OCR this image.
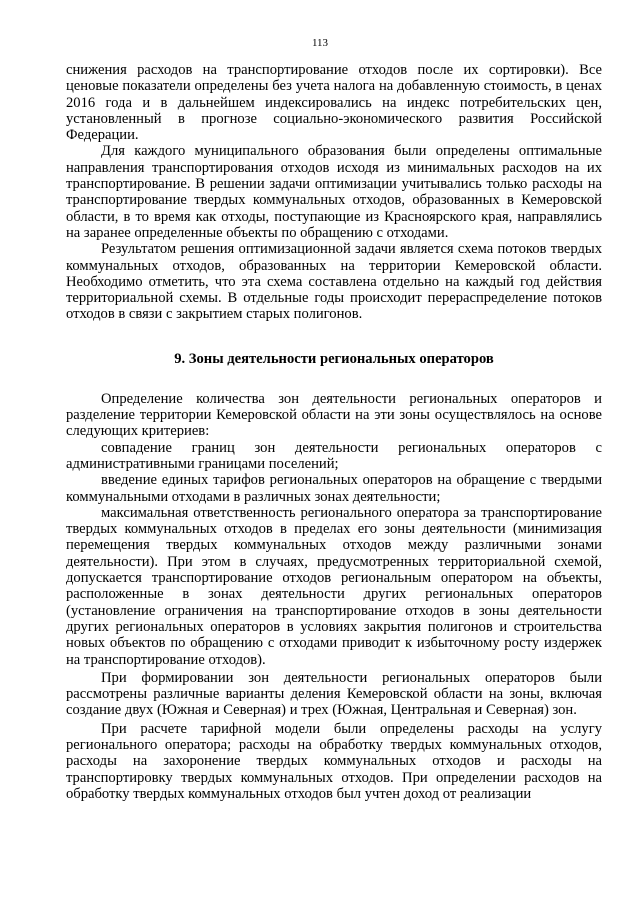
113

снижения расходов на транспортирование отходов после их сортировки). Все ценовые показатели определены без учета налога на добавленную стоимость, в ценах 2016 года и в дальнейшем индексировались на индекс потребительских цен, установленный в прогнозе социально-экономического развития Российской Федерации.

Для каждого муниципального образования были определены оптимальные направления транспортирования отходов исходя из минимальных расходов на их транспортирование. В решении задачи оптимизации учитывались только расходы на транспортирование твердых коммунальных отходов, образованных в Кемеровской области, в то время как отходы, поступающие из Красноярского края, направлялись на заранее определенные объекты по обращению с отходами.

Результатом решения оптимизационной задачи является схема потоков твердых коммунальных отходов, образованных на территории Кемеровской области. Необходимо отметить, что эта схема составлена отдельно на каждый год действия территориальной схемы. В отдельные годы происходит перераспределение потоков отходов в связи с закрытием старых полигонов.

9. Зоны деятельности региональных операторов

Определение количества зон деятельности региональных операторов и разделение территории Кемеровской области на эти зоны осуществлялось на основе следующих критериев:

совпадение границ зон деятельности региональных операторов с административными границами поселений;

введение единых тарифов региональных операторов на обращение с твердыми коммунальными отходами в различных зонах деятельности;

максимальная ответственность регионального оператора за транспортирование твердых коммунальных отходов в пределах его зоны деятельности (минимизация перемещения твердых коммунальных отходов между различными зонами деятельности). При этом в случаях, предусмотренных территориальной схемой, допускается транспортирование отходов региональным оператором на объекты, расположенные в зонах деятельности других региональных операторов (установление ограничения на транспортирование отходов в зоны деятельности других региональных операторов в условиях закрытия полигонов и строительства новых объектов по обращению с отходами приводит к избыточному росту издержек на транспортирование отходов).

При формировании зон деятельности региональных операторов были рассмотрены различные варианты деления Кемеровской области на зоны, включая создание двух (Южная и Северная) и трех (Южная, Центральная и Северная) зон.

При расчете тарифной модели были определены расходы на услугу регионального оператора; расходы на обработку твердых коммунальных отходов, расходы на захоронение твердых коммунальных отходов и расходы на транспортировку твердых коммунальных отходов. При определении расходов на обработку твердых коммунальных отходов был учтен доход от реализации
